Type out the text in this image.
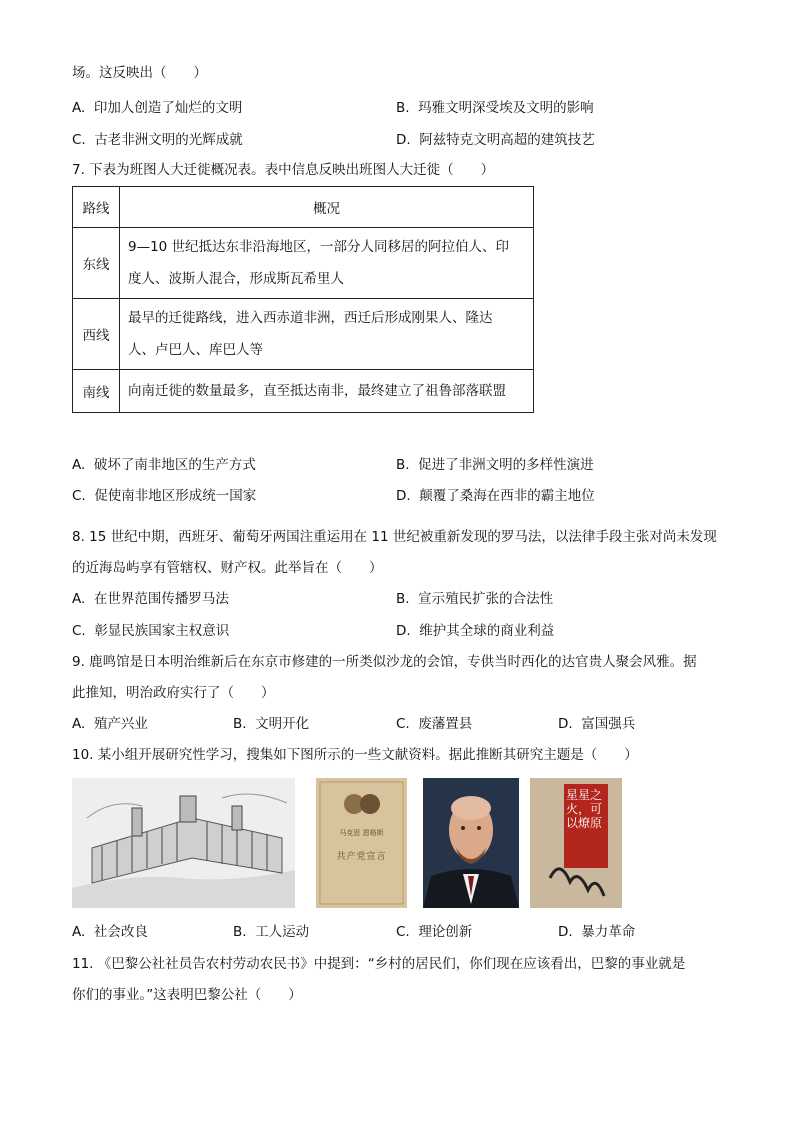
场。这反映出（　　）
A. 印加人创造了灿烂的文明	B. 玛雅文明深受埃及文明的影响
C. 古老非洲文明的光辉成就	D. 阿兹特克文明高超的建筑技艺
7. 下表为班图人大迁徙概况表。表中信息反映出班图人大迁徙（　　）
路线	概况
东线	9—10 世纪抵达东非沿海地区，一部分人同移居的阿拉伯人、印
度人、波斯人混合，形成斯瓦希里人
西线	最早的迁徙路线，进入西赤道非洲，西迁后形成刚果人、隆达
人、卢巴人、库巴人等
南线	向南迁徙的数量最多，直至抵达南非，最终建立了祖鲁部落联盟
A. 破坏了南非地区的生产方式	B. 促进了非洲文明的多样性演进
C. 促使南非地区形成统一国家	D. 颠覆了桑海在西非的霸主地位
8. 15 世纪中期，西班牙、葡萄牙两国注重运用在 11 世纪被重新发现的罗马法，以法律手段主张对尚未发现
的近海岛屿享有管辖权、财产权。此举旨在（　　）
A. 在世界范围传播罗马法	B. 宣示殖民扩张的合法性
C. 彰显民族国家主权意识	D. 维护其全球的商业利益
9. 鹿鸣馆是日本明治维新后在东京市修建的一所类似沙龙的会馆，专供当时西化的达官贵人聚会风雅。据
此推知，明治政府实行了（　　）
A. 殖产兴业	B. 文明开化	C. 废藩置县	D. 富国强兵
10. 某小组开展研究性学习，搜集如下图所示的一些文献资料。据此推断其研究主题是（　　）
马克思 恩格斯
共产党宣言
星星之火，可以燎原
A. 社会改良	B. 工人运动	C. 理论创新	D. 暴力革命
11. 《巴黎公社社员告农村劳动农民书》中提到：“乡村的居民们，你们现在应该看出，巴黎的事业就是
你们的事业。”这表明巴黎公社（　　）
